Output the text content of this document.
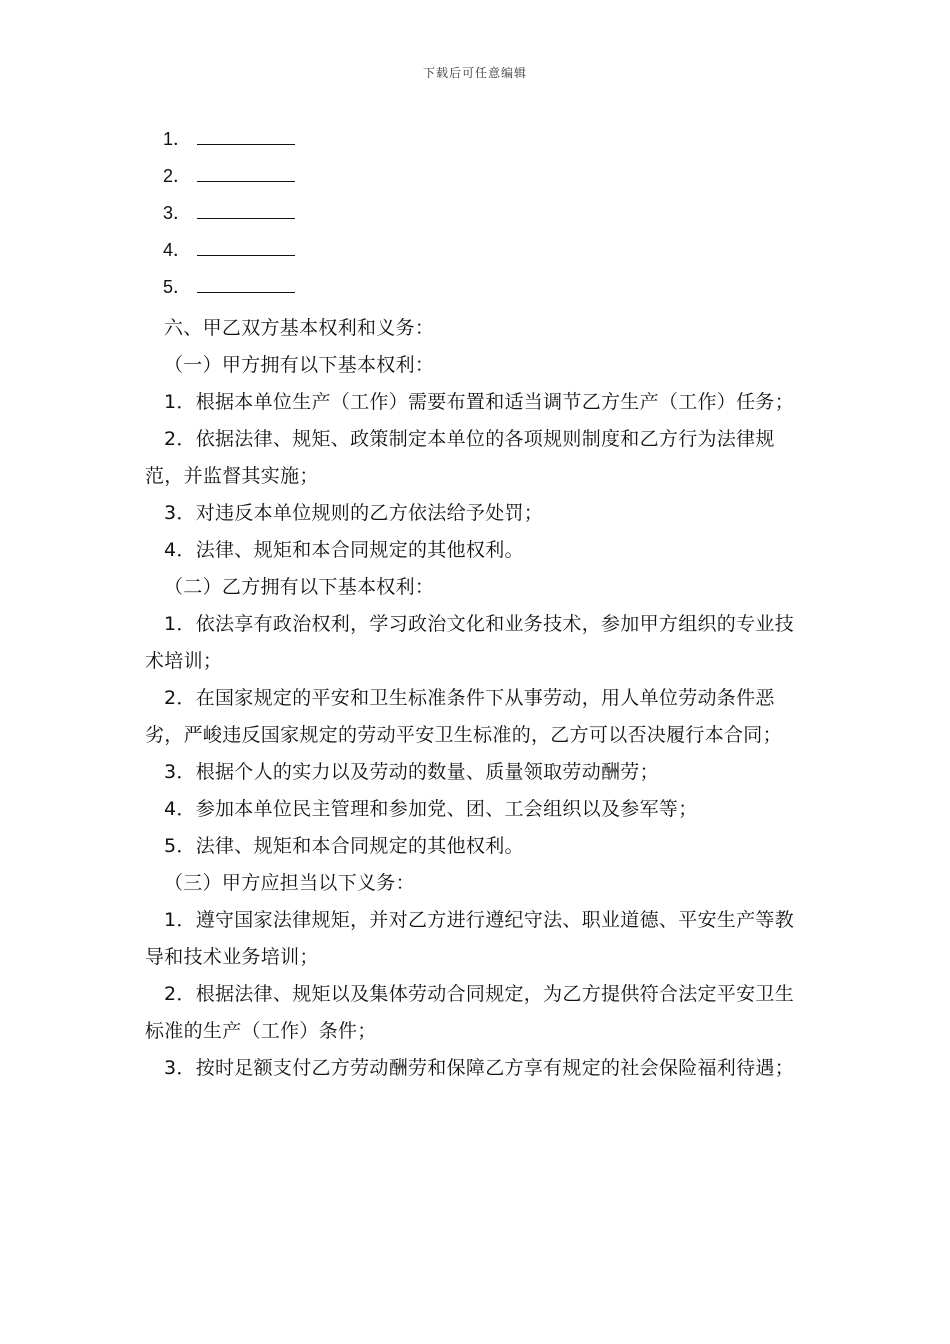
下载后可任意编辑
1．
2．
3．
4．
5．

六、甲乙双方基本权利和义务：

（一）甲方拥有以下基本权利：

1．根据本单位生产（工作）需要布置和适当调节乙方生产（工作）任务；

2．依据法律、规矩、政策制定本单位的各项规则制度和乙方行为法律规范，并监督其实施；

3．对违反本单位规则的乙方依法给予处罚；

4．法律、规矩和本合同规定的其他权利。

（二）乙方拥有以下基本权利：

1．依法享有政治权利，学习政治文化和业务技术，参加甲方组织的专业技术培训；

2．在国家规定的平安和卫生标准条件下从事劳动，用人单位劳动条件恶劣，严峻违反国家规定的劳动平安卫生标准的，乙方可以否决履行本合同；

3．根据个人的实力以及劳动的数量、质量领取劳动酬劳；

4．参加本单位民主管理和参加党、团、工会组织以及参军等；

5．法律、规矩和本合同规定的其他权利。

（三）甲方应担当以下义务：

1．遵守国家法律规矩，并对乙方进行遵纪守法、职业道德、平安生产等教导和技术业务培训；

2．根据法律、规矩以及集体劳动合同规定，为乙方提供符合法定平安卫生标准的生产（工作）条件；

3．按时足额支付乙方劳动酬劳和保障乙方享有规定的社会保险福利待遇；
